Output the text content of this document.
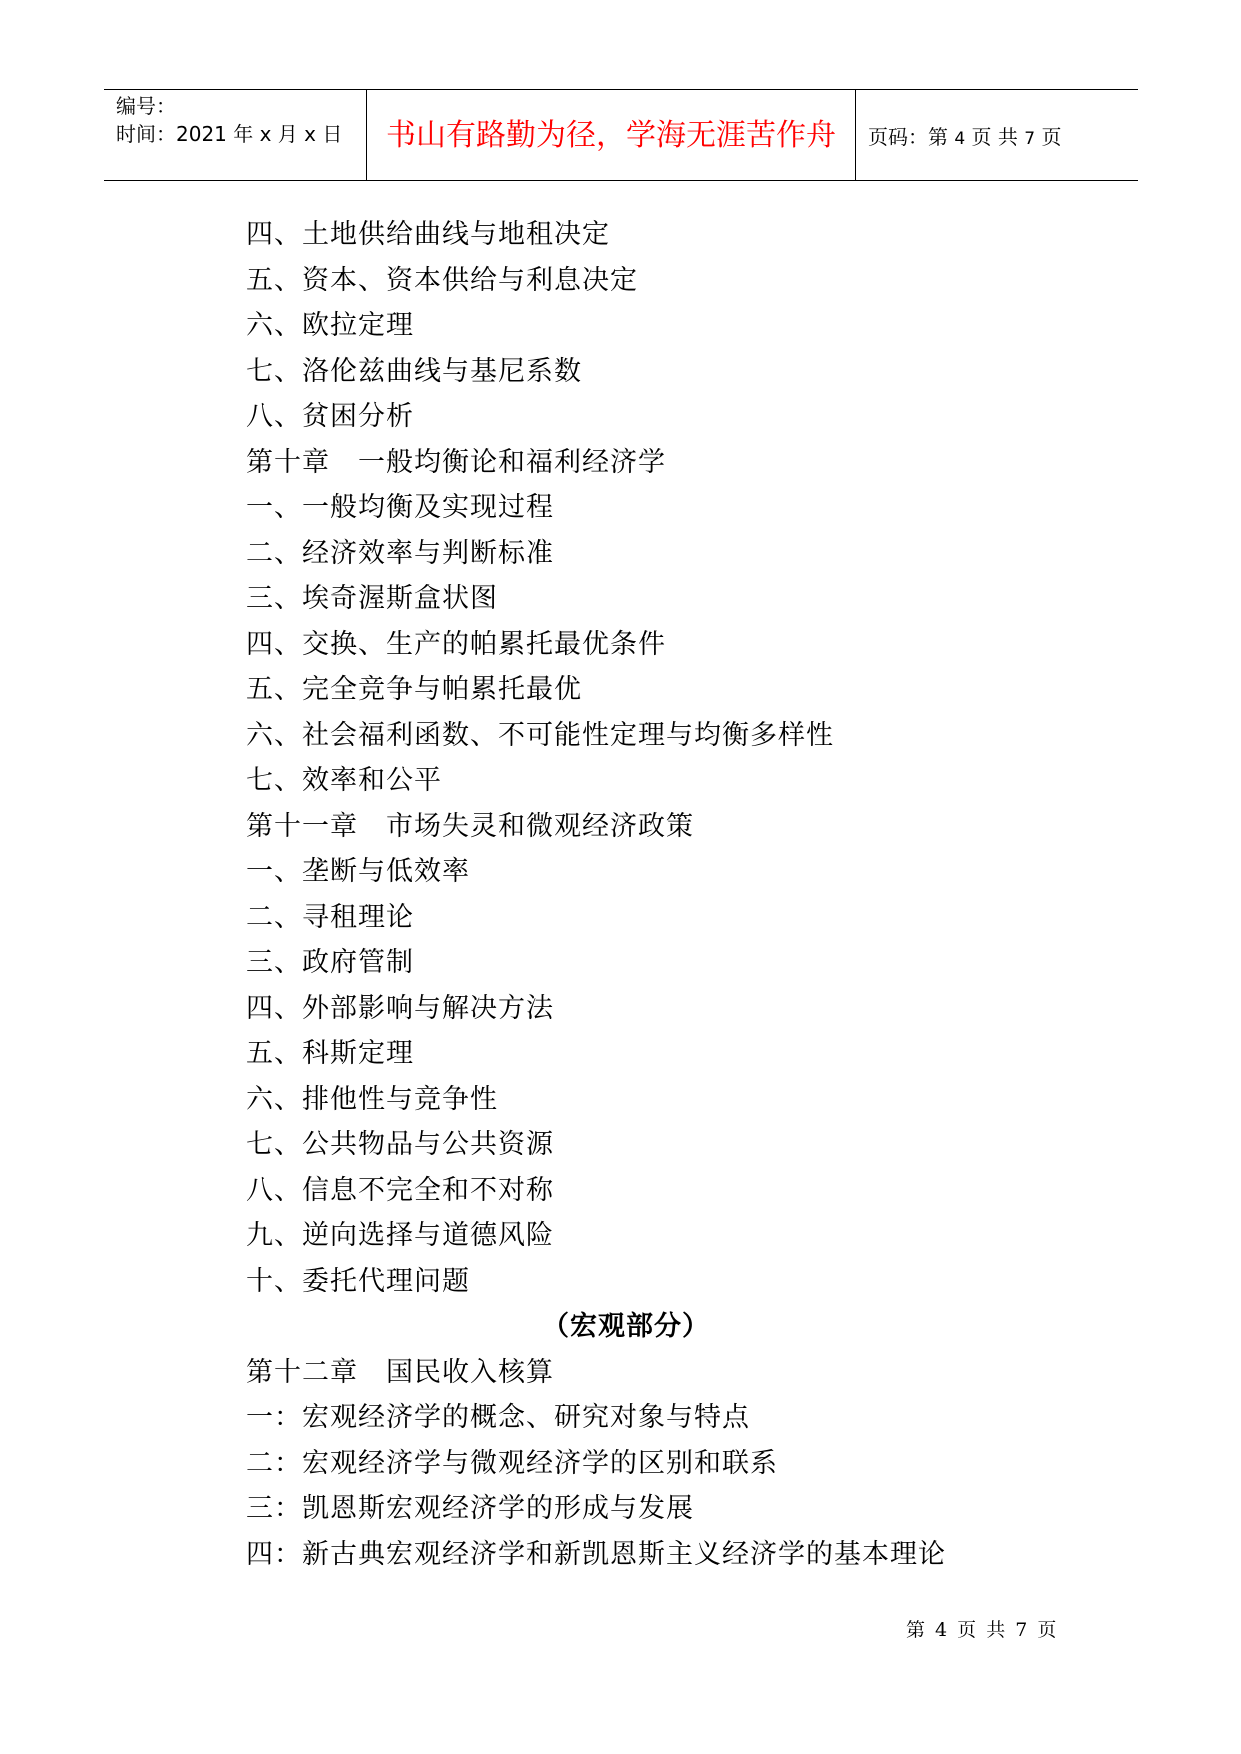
编号：
时间：2021 年 x 月 x 日	书山有路勤为径，学海无涯苦作舟	页码：第 4 页 共 7 页
四、土地供给曲线与地租决定
五、资本、资本供给与利息决定
六、欧拉定理
七、洛伦兹曲线与基尼系数
八、贫困分析
第十章　一般均衡论和福利经济学
一、一般均衡及实现过程
二、经济效率与判断标准
三、埃奇渥斯盒状图
四、交换、生产的帕累托最优条件
五、完全竞争与帕累托最优
六、社会福利函数、不可能性定理与均衡多样性
七、效率和公平
第十一章　市场失灵和微观经济政策
一、垄断与低效率
二、寻租理论
三、政府管制
四、外部影响与解决方法
五、科斯定理
六、排他性与竞争性
七、公共物品与公共资源
八、信息不完全和不对称
九、逆向选择与道德风险
十、委托代理问题
（宏观部分）
第十二章　国民收入核算
一：宏观经济学的概念、研究对象与特点
二：宏观经济学与微观经济学的区别和联系
三：凯恩斯宏观经济学的形成与发展
四：新古典宏观经济学和新凯恩斯主义经济学的基本理论
第 4 页 共 7 页
